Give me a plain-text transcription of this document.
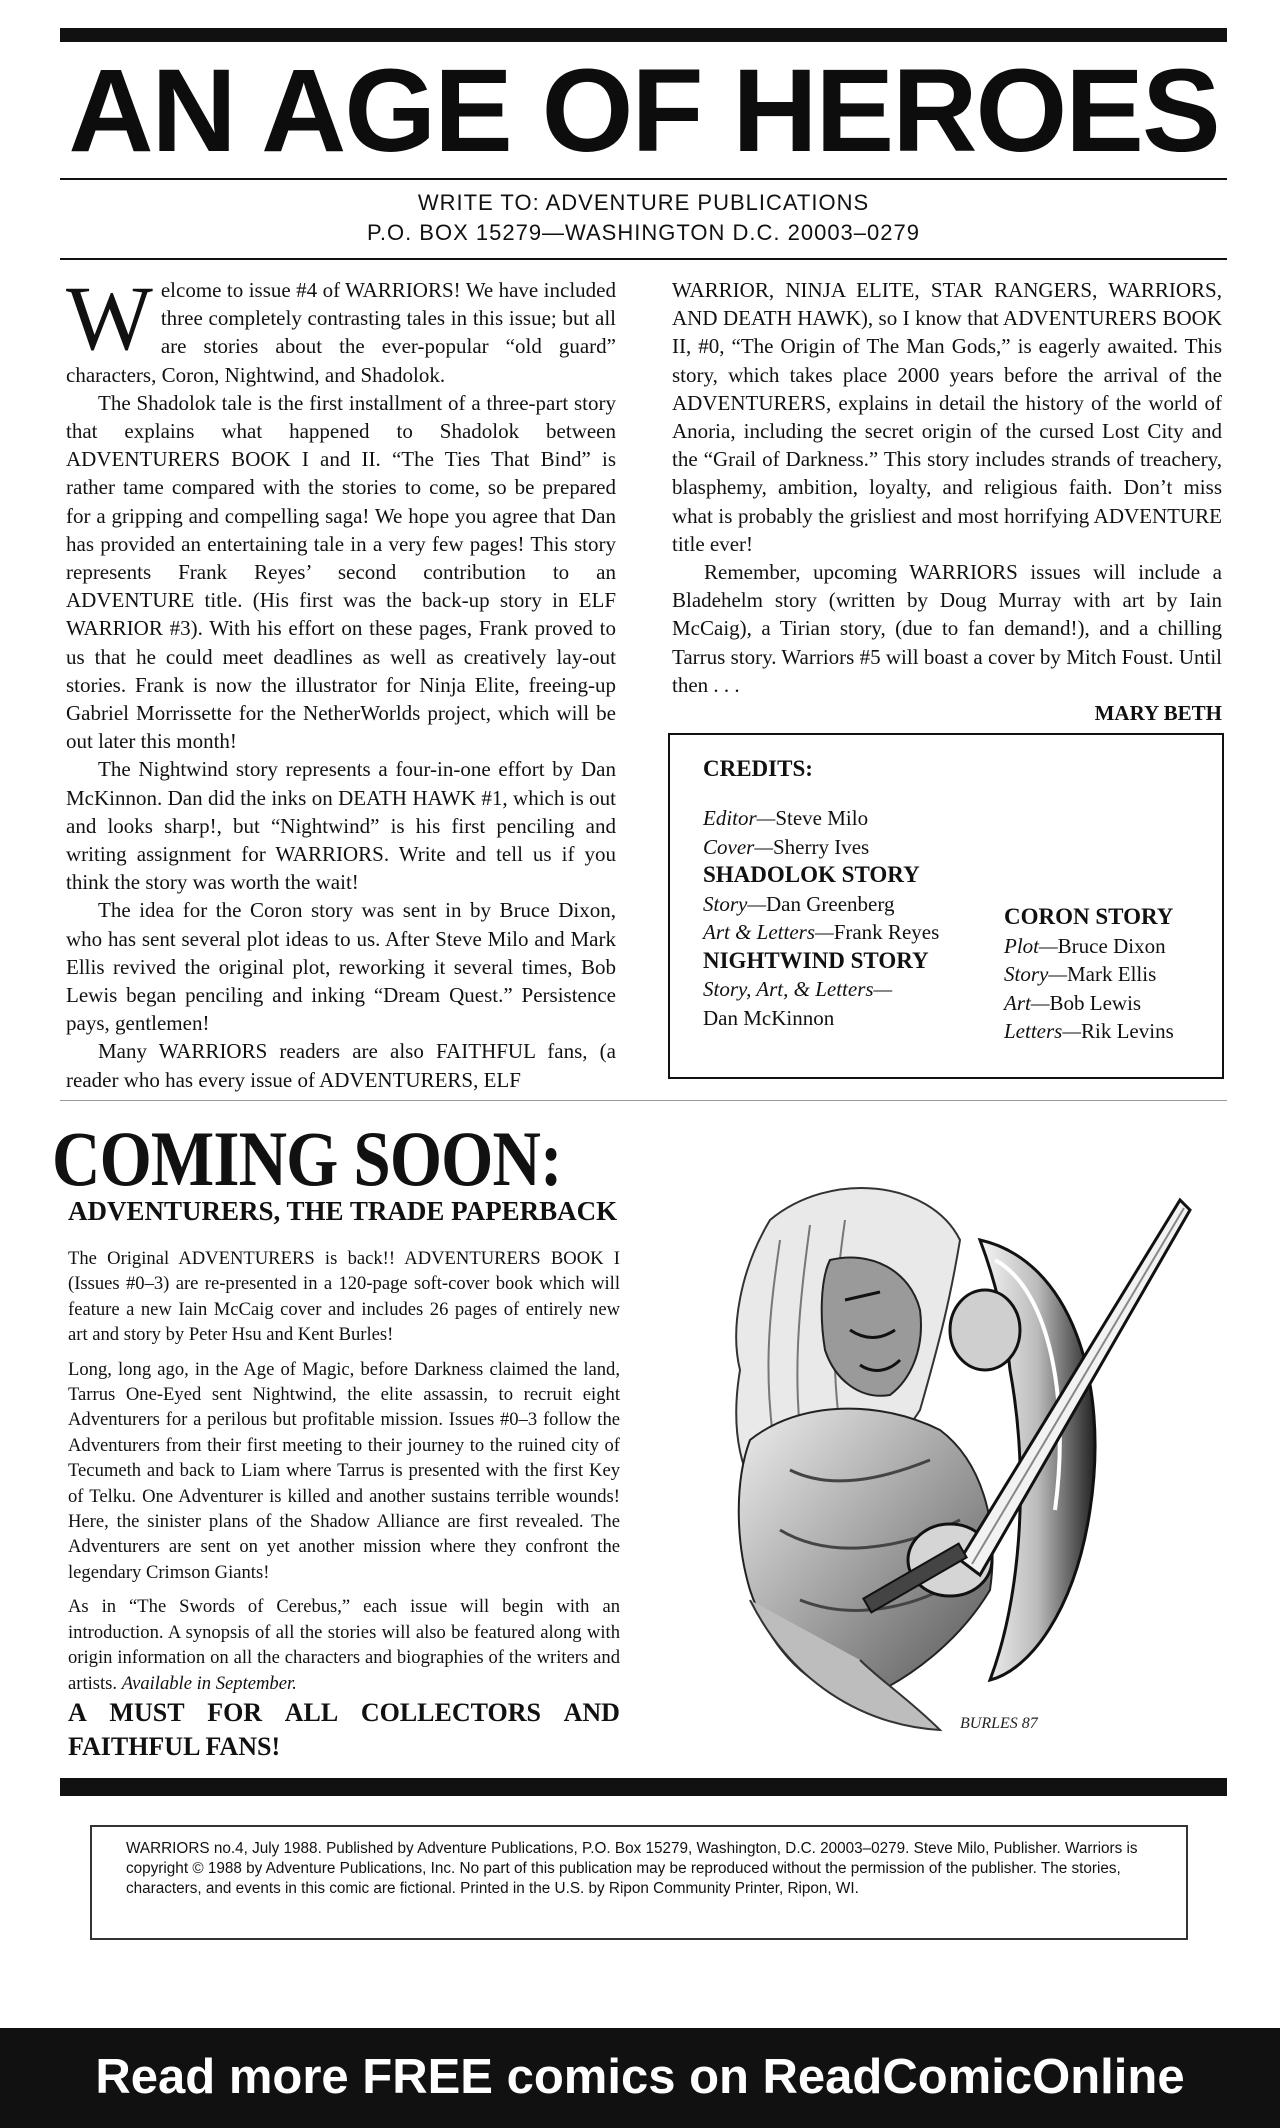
AN AGE OF HEROES
WRITE TO: ADVENTURE PUBLICATIONS
P.O. BOX 15279—WASHINGTON D.C. 20003–0279

Welcome to issue #4 of WARRIORS! We have included three completely contrasting tales in this issue; but all are stories about the ever-popular “old guard” characters, Coron, Nightwind, and Shadolok.

The Shadolok tale is the first installment of a three-part story that explains what happened to Shadolok between ADVENTURERS BOOK I and II. “The Ties That Bind” is rather tame compared with the stories to come, so be prepared for a gripping and compelling saga! We hope you agree that Dan has provided an entertaining tale in a very few pages! This story represents Frank Reyes’ second contribution to an ADVENTURE title. (His first was the back-up story in ELF WARRIOR #3). With his effort on these pages, Frank proved to us that he could meet deadlines as well as creatively lay-out stories. Frank is now the illustrator for Ninja Elite, freeing-up Gabriel Morrissette for the NetherWorlds project, which will be out later this month!

The Nightwind story represents a four-in-one effort by Dan McKinnon. Dan did the inks on DEATH HAWK #1, which is out and looks sharp!, but “Nightwind” is his first penciling and writing assignment for WARRIORS. Write and tell us if you think the story was worth the wait!

The idea for the Coron story was sent in by Bruce Dixon, who has sent several plot ideas to us. After Steve Milo and Mark Ellis revived the original plot, reworking it several times, Bob Lewis began penciling and inking “Dream Quest.” Persistence pays, gentlemen!

Many WARRIORS readers are also FAITHFUL fans, (a reader who has every issue of ADVENTURERS, ELF

WARRIOR, NINJA ELITE, STAR RANGERS, WARRIORS, AND DEATH HAWK), so I know that ADVENTURERS BOOK II, #0, “The Origin of The Man Gods,” is eagerly awaited. This story, which takes place 2000 years before the arrival of the ADVENTURERS, explains in detail the history of the world of Anoria, including the secret origin of the cursed Lost City and the “Grail of Darkness.” This story includes strands of treachery, blasphemy, ambition, loyalty, and religious faith. Don’t miss what is probably the grisliest and most horrifying ADVENTURE title ever!

Remember, upcoming WARRIORS issues will include a Bladehelm story (written by Doug Murray with art by Iain McCaig), a Tirian story, (due to fan demand!), and a chilling Tarrus story. Warriors #5 will boast a cover by Mitch Foust. Until then . . .

MARY BETH
CREDITS:
Editor—Steve Milo
Cover—Sherry Ives
SHADOLOK STORY
Story—Dan Greenberg
Art & Letters—Frank Reyes
NIGHTWIND STORY
Story, Art, & Letters—
Dan McKinnon
CORON STORY
Plot—Bruce Dixon
Story—Mark Ellis
Art—Bob Lewis
Letters—Rik Levins
COMING SOON:
ADVENTURERS, THE TRADE PAPERBACK

The Original ADVENTURERS is back!! ADVENTURERS BOOK I (Issues #0–3) are re-presented in a 120-page soft-cover book which will feature a new Iain McCaig cover and includes 26 pages of entirely new art and story by Peter Hsu and Kent Burles!

Long, long ago, in the Age of Magic, before Darkness claimed the land, Tarrus One-Eyed sent Nightwind, the elite assassin, to recruit eight Adventurers for a perilous but profitable mission. Issues #0–3 follow the Adventurers from their first meeting to their journey to the ruined city of Tecumeth and back to Liam where Tarrus is presented with the first Key of Telku. One Adventurer is killed and another sustains terrible wounds! Here, the sinister plans of the Shadow Alliance are first revealed. The Adventurers are sent on yet another mission where they confront the legendary Crimson Giants!

As in “The Swords of Cerebus,” each issue will begin with an introduction. A synopsis of all the stories will also be featured along with origin information on all the characters and biographies of the writers and artists. Available in September.

A MUST FOR ALL COLLECTORS AND
FAITHFUL FANS!
BURLES 87
WARRIORS no.4, July 1988. Published by Adventure Publications, P.O. Box 15279, Washington, D.C. 20003–0279. Steve Milo, Publisher. Warriors is copyright © 1988 by Adventure Publications, Inc. No part of this publication may be reproduced without the permission of the publisher. The stories, characters, and events in this comic are fictional. Printed in the U.S. by Ripon Community Printer, Ripon, WI.
Read more FREE comics on ReadComicOnline
